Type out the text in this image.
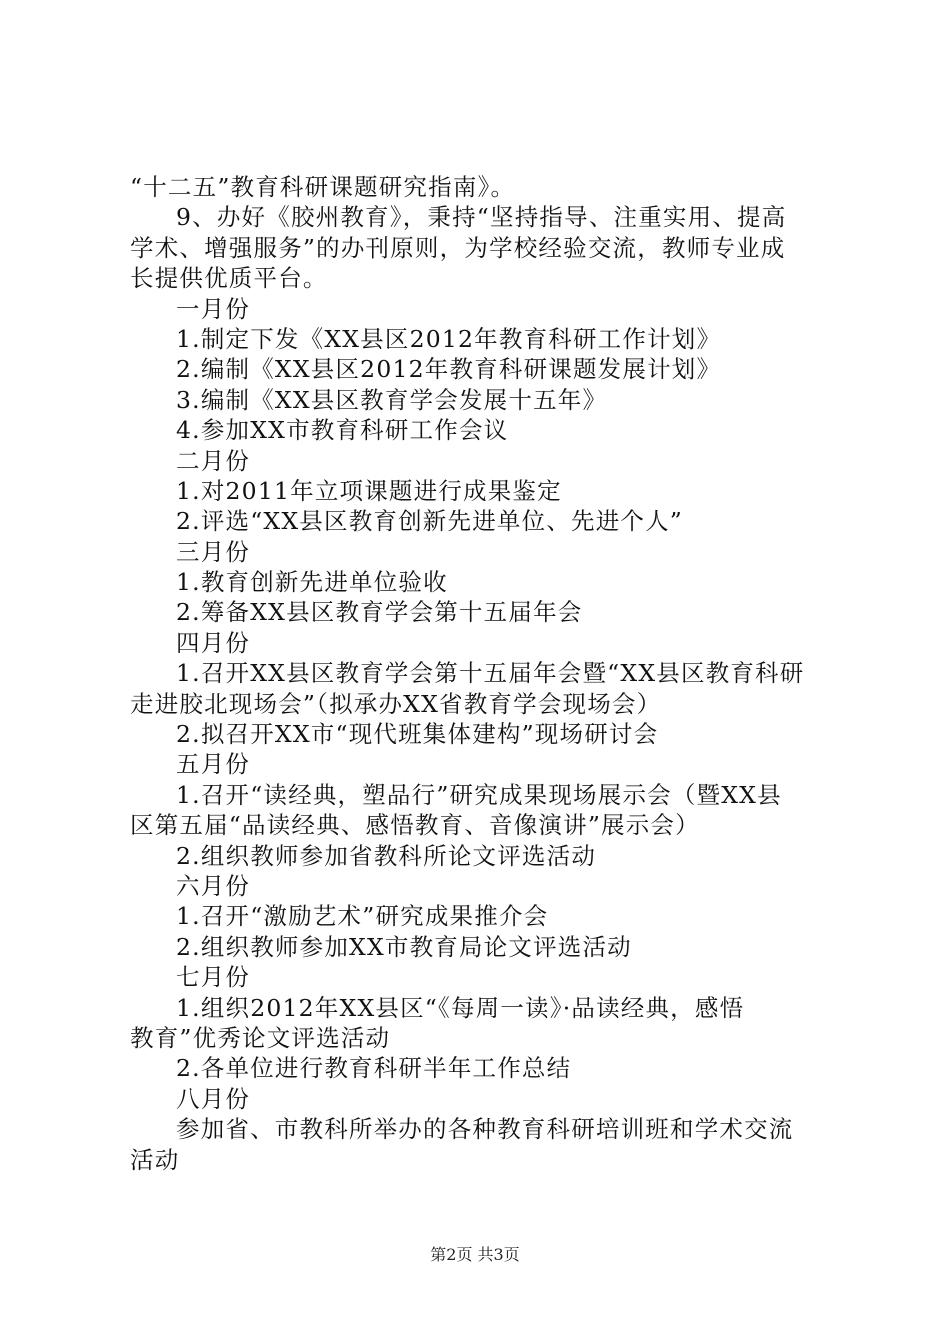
“十二五”教育科研课题研究指南》。
9、办好《胶州教育》，秉持“坚持指导、注重实用、提高
学术、增强服务”的办刊原则，为学校经验交流，教师专业成
长提供优质平台。
一月份
1.制定下发《XX县区2012年教育科研工作计划》
2.编制《XX县区2012年教育科研课题发展计划》
3.编制《XX县区教育学会发展十五年》
4.参加XX市教育科研工作会议
二月份
1.对2011年立项课题进行成果鉴定
2.评选“XX县区教育创新先进单位、先进个人”
三月份
1.教育创新先进单位验收
2.筹备XX县区教育学会第十五届年会
四月份
1.召开XX县区教育学会第十五届年会暨“XX县区教育科研
走进胶北现场会”（拟承办XX省教育学会现场会）
2.拟召开XX市“现代班集体建构”现场研讨会
五月份
1.召开“读经典，塑品行”研究成果现场展示会（暨XX县
区第五届“品读经典、感悟教育、音像演讲”展示会）
2.组织教师参加省教科所论文评选活动
六月份
1.召开“激励艺术”研究成果推介会
2.组织教师参加XX市教育局论文评选活动
七月份
1.组织2012年XX县区“《每周一读》·品读经典，感悟
教育”优秀论文评选活动
2.各单位进行教育科研半年工作总结
八月份
参加省、市教科所举办的各种教育科研培训班和学术交流
活动
第2页 共3页
